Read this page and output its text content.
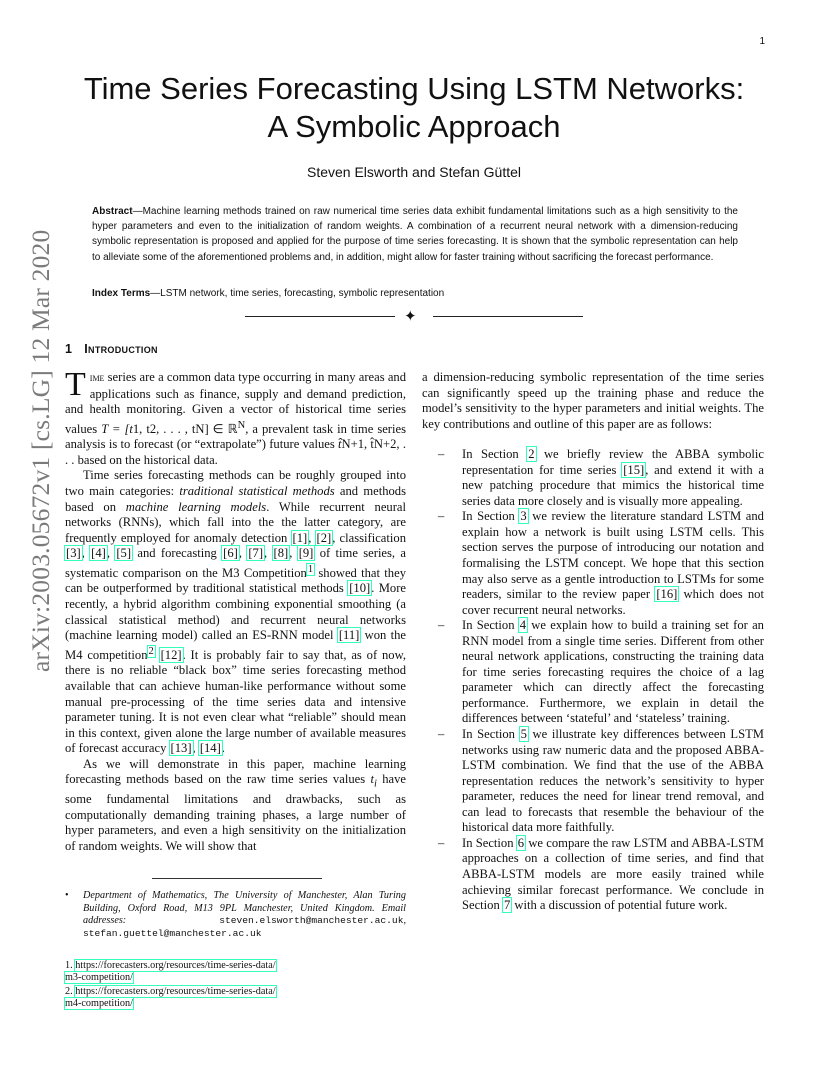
1
arXiv:2003.05672v1 [cs.LG] 12 Mar 2020
Time Series Forecasting Using LSTM Networks:
A Symbolic Approach
Steven Elsworth and Stefan Güttel
Abstract—Machine learning methods trained on raw numerical time series data exhibit fundamental limitations such as a high sensitivity to the hyper parameters and even to the initialization of random weights. A combination of a recurrent neural network with a dimension-reducing symbolic representation is proposed and applied for the purpose of time series forecasting. It is shown that the symbolic representation can help to alleviate some of the aforementioned problems and, in addition, might allow for faster training without sacrificing the forecast performance.
Index Terms—LSTM network, time series, forecasting, symbolic representation
✦
1 Introduction

Time series are a common data type occurring in many areas and applications such as finance, supply and demand prediction, and health monitoring. Given a vector of historical time series values T = [t1, t2, . . . , tN] ∈ ℝ$^N$, a prevalent task in time series analysis is to forecast (or “extrapolate”) future values t̂N+1, t̂N+2, . . . based on the historical data.

Time series forecasting methods can be roughly grouped into two main categories: traditional statistical methods and methods based on machine learning models. While recurrent neural networks (RNNs), which fall into the the latter category, are frequently employed for anomaly detection [1], [2], classification [3], [4], [5] and forecasting [6], [7], [8], [9] of time series, a systematic comparison on the M3 Competition$^1$ showed that they can be outperformed by traditional statistical methods [10]. More recently, a hybrid algorithm combining exponential smoothing (a classical statistical method) and recurrent neural networks (machine learning model) called an ES-RNN model [11] won the M4 competition$^2$ [12]. It is probably fair to say that, as of now, there is no reliable “black box” time series forecasting method available that can achieve human-like performance without some manual pre-processing of the time series data and intensive parameter tuning. It is not even clear what “reliable” should mean in this context, given alone the large number of available measures of forecast accuracy [13], [14].

As we will demonstrate in this paper, machine learning forecasting methods based on the raw time series values $t_i$ have some fundamental limitations and drawbacks, such as computationally demanding training phases, a large number of hyper parameters, and even a high sensitivity on the initialization of random weights. We will show that

•	Department of Mathematics, The University of Manchester, Alan Turing Building, Oxford Road, M13 9PL Manchester, United Kingdom. Email addresses: steven.elsworth@manchester.ac.uk, stefan.guettel@manchester.ac.uk
1. https://forecasters.org/resources/time-series-data/
m3-competition/
2. https://forecasters.org/resources/time-series-data/
m4-competition/

a dimension-reducing symbolic representation of the time series can significantly speed up the training phase and reduce the model’s sensitivity to the hyper parameters and initial weights. The key contributions and outline of this paper are as follows:

– In Section 2 we briefly review the ABBA symbolic representation for time series [15], and extend it with a new patching procedure that mimics the historical time series data more closely and is visually more appealing.
– In Section 3 we review the literature standard LSTM and explain how a network is built using LSTM cells. This section serves the purpose of introducing our notation and formalising the LSTM concept. We hope that this section may also serve as a gentle introduction to LSTMs for some readers, similar to the review paper [16] which does not cover recurrent neural networks.
– In Section 4 we explain how to build a training set for an RNN model from a single time series. Different from other neural network applications, constructing the training data for time series forecasting requires the choice of a lag parameter which can directly affect the forecasting performance. Furthermore, we explain in detail the differences between ‘stateful’ and ‘stateless’ training.
– In Section 5 we illustrate key differences between LSTM networks using raw numeric data and the proposed ABBA-LSTM combination. We find that the use of the ABBA representation reduces the network’s sensitivity to hyper parameter, reduces the need for linear trend removal, and can lead to forecasts that resemble the behaviour of the historical data more faithfully.
– In Section 6 we compare the raw LSTM and ABBA-LSTM approaches on a collection of time series, and find that ABBA-LSTM models are more easily trained while achieving similar forecast performance. We conclude in Section 7 with a discussion of potential future work.
